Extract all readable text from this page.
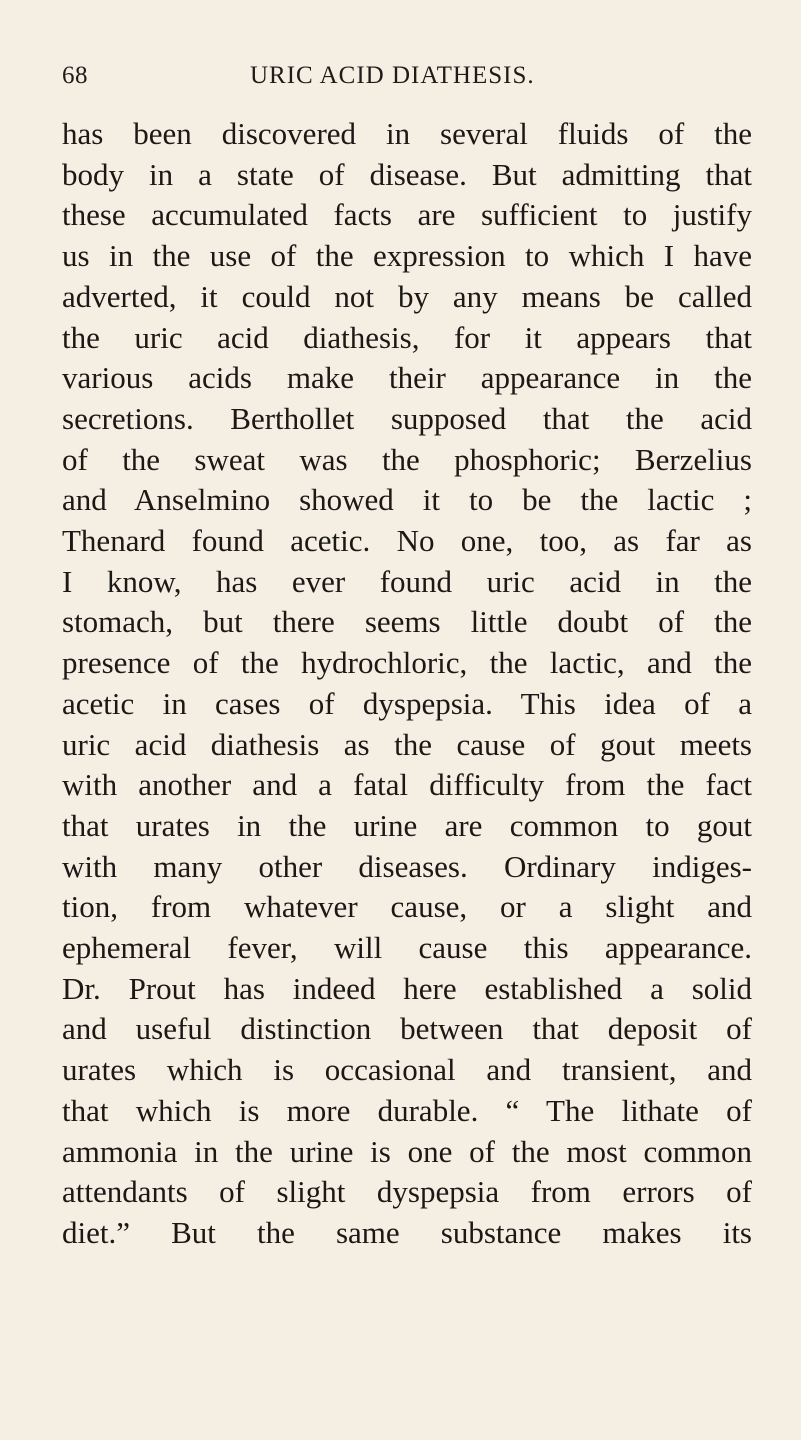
68	URIC ACID DIATHESIS.
has been discovered in several fluids of the
body in a state of disease. But admitting that
these accumulated facts are sufficient to justify
us in the use of the expression to which I have
adverted, it could not by any means be called
the uric acid diathesis, for it appears that
various acids make their appearance in the
secretions. Berthollet supposed that the acid
of the sweat was the phosphoric; Berzelius
and Anselmino showed it to be the lactic ;
Thenard found acetic. No one, too, as far as
I know, has ever found uric acid in the
stomach, but there seems little doubt of the
presence of the hydrochloric, the lactic, and the
acetic in cases of dyspepsia. This idea of a
uric acid diathesis as the cause of gout meets
with another and a fatal difficulty from the fact
that urates in the urine are common to gout
with many other diseases. Ordinary indiges-
tion, from whatever cause, or a slight and
ephemeral fever, will cause this appearance.
Dr. Prout has indeed here established a solid
and useful distinction between that deposit of
urates which is occasional and transient, and
that which is more durable. “ The lithate of
ammonia in the urine is one of the most common
attendants of slight dyspepsia from errors of
diet.” But the same substance makes its
